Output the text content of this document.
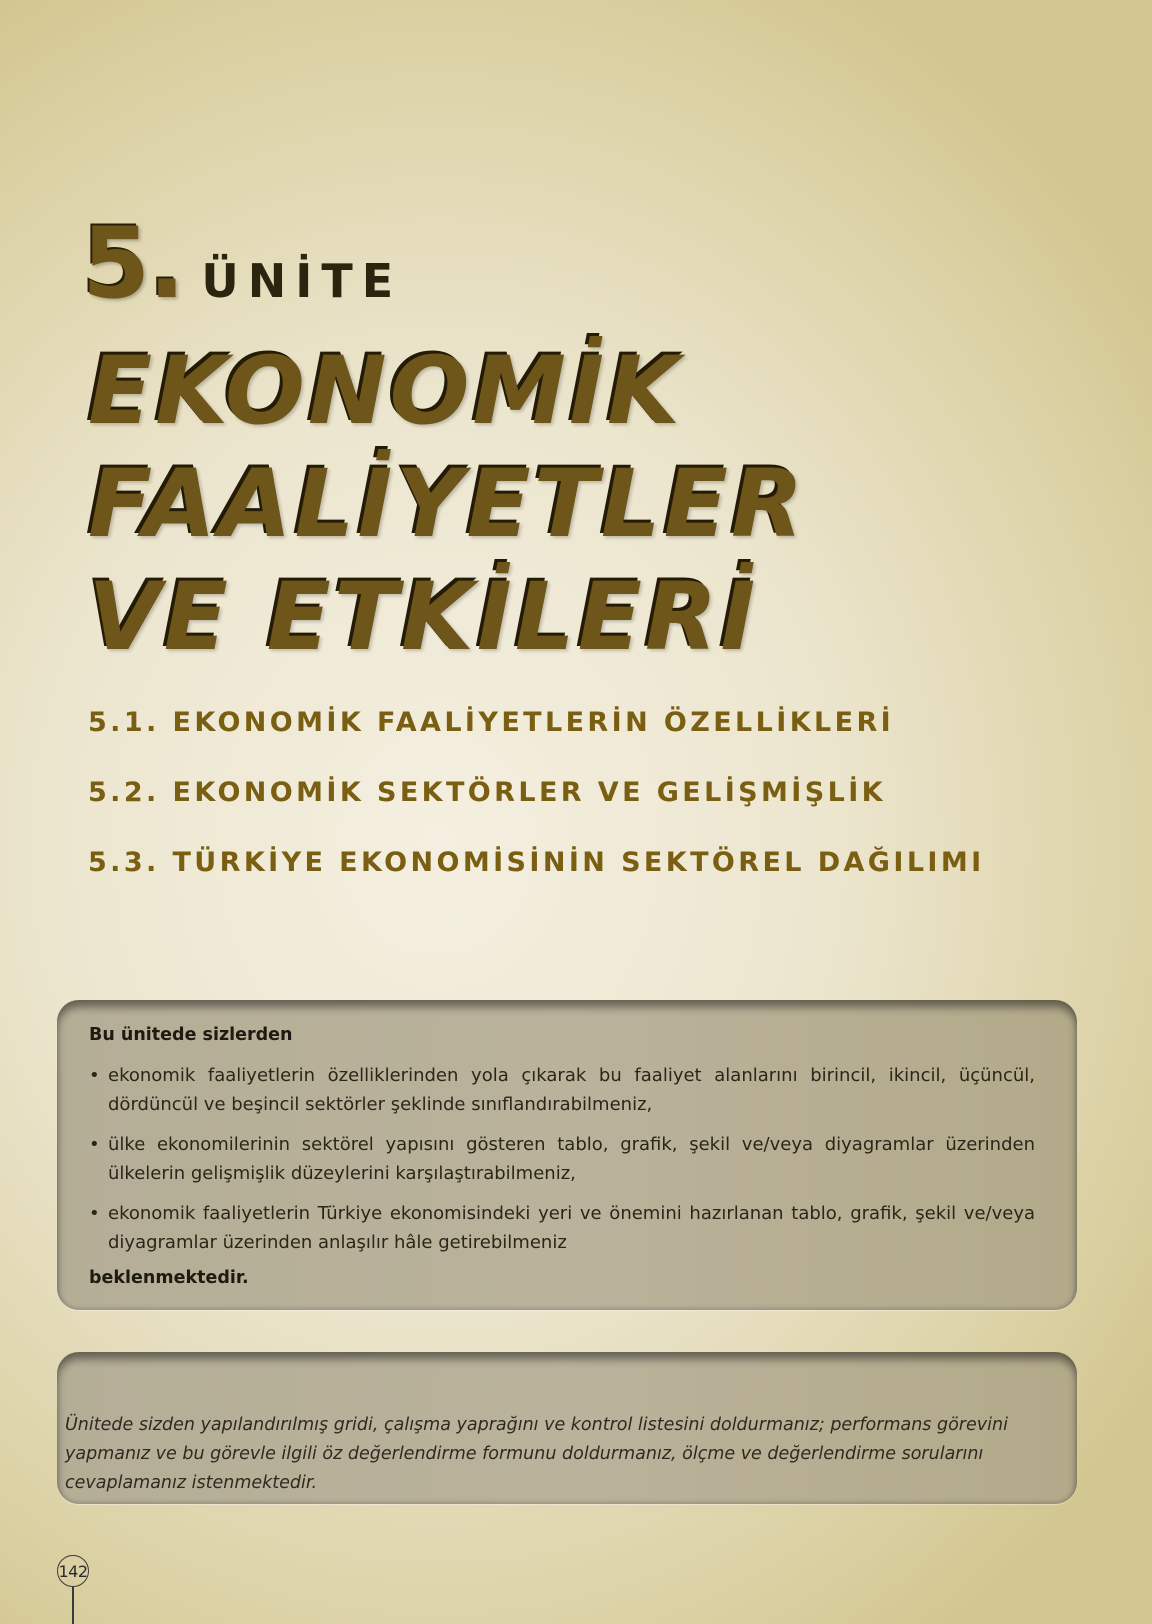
5. ÜNİTE
EKONOMİK
FAALİYETLER
VE ETKİLERİ
5.1. EKONOMİK FAALİYETLERİN ÖZELLİKLERİ
5.2. EKONOMİK SEKTÖRLER VE GELİŞMİŞLİK
5.3. TÜRKİYE EKONOMİSİNİN SEKTÖREL DAĞILIMI

Bu ünitede sizlerden

• ekonomik faaliyetlerin özelliklerinden yola çıkarak bu faaliyet alanlarını birincil, ikincil, üçüncül, dördüncül ve beşincil sektörler şeklinde sınıflandırabilmeniz,
• ülke ekonomilerinin sektörel yapısını gösteren tablo, grafik, şekil ve/veya diyagramlar üzerinden ülkelerin gelişmişlik düzeylerini karşılaştırabilmeniz,
• ekonomik faaliyetlerin Türkiye ekonomisindeki yeri ve önemini hazırlanan tablo, grafik, şekil ve/veya diyagramlar üzerinden anlaşılır hâle getirebilmeniz
beklenmektedir.

Ünitede sizden yapılandırılmış gridi, çalışma yaprağını ve kontrol listesini doldurmanız; performans görevini yapmanız ve bu görevle ilgili öz değerlendirme formunu doldurmanız, ölçme ve değerlendirme sorularını cevaplamanız istenmektedir.

142
